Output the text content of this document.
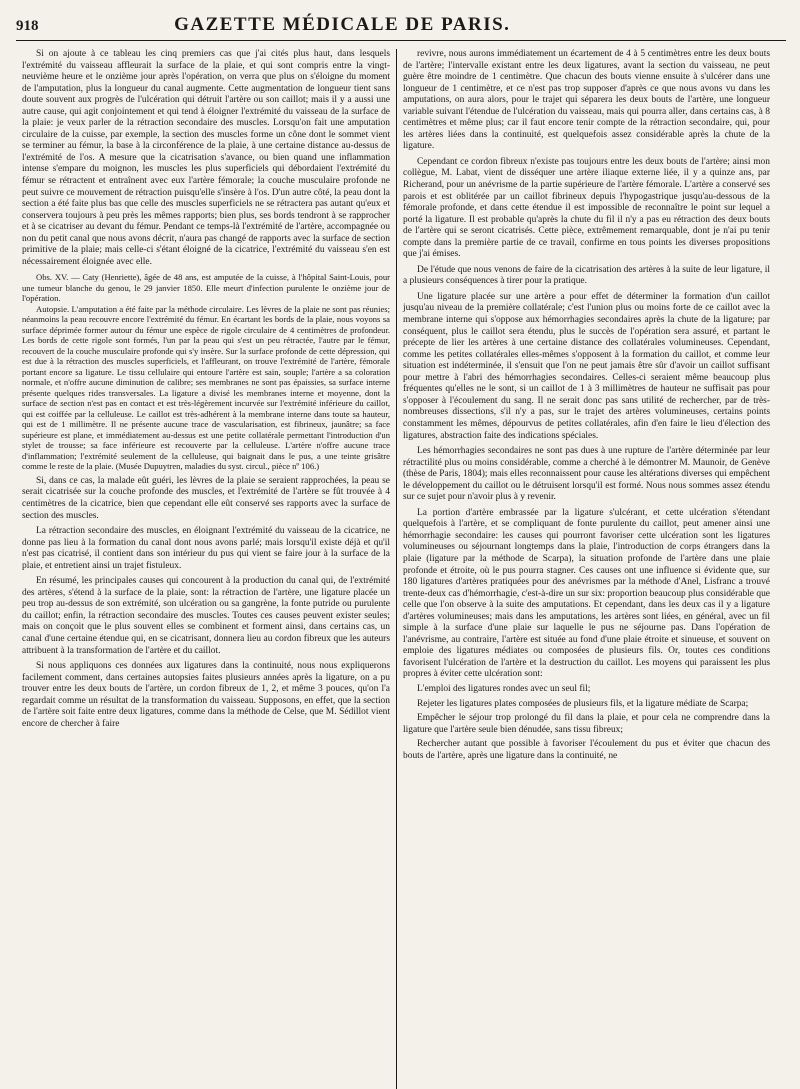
918	GAZETTE MÉDICALE DE PARIS.

Si on ajoute à ce tableau les cinq premiers cas que j'ai cités plus haut, dans lesquels l'extrémité du vaisseau affleurait la surface de la plaie, et qui sont compris entre la vingt-neuvième heure et le onzième jour après l'opération, on verra que plus on s'éloigne du moment de l'amputation, plus la longueur du canal augmente. Cette augmentation de longueur tient sans doute souvent aux progrès de l'ulcération qui détruit l'artère ou son caillot; mais il y a aussi une autre cause, qui agit conjointement et qui tend à éloigner l'extrémité du vaisseau de la surface de la plaie: je veux parler de la rétraction secondaire des muscles. Lorsqu'on fait une amputation circulaire de la cuisse, par exemple, la section des muscles forme un cône dont le sommet vient se terminer au fémur, la base à la circonférence de la plaie, à une certaine distance au-dessus de l'extrémité de l'os. A mesure que la cicatrisation s'avance, ou bien quand une inflammation intense s'empare du moignon, les muscles les plus superficiels qui débordaient l'extrémité du fémur se rétractent et entraînent avec eux l'artère fémorale; la couche musculaire profonde ne peut suivre ce mouvement de rétraction puisqu'elle s'insère à l'os. D'un autre côté, la peau dont la section a été faite plus bas que celle des muscles superficiels ne se rétractera pas autant qu'eux et conservera toujours à peu près les mêmes rapports; bien plus, ses bords tendront à se rapprocher et à se cicatriser au devant du fémur. Pendant ce temps-là l'extrémité de l'artère, accompagnée ou non du petit canal que nous avons décrit, n'aura pas changé de rapports avec la surface de section primitive de la plaie; mais celle-ci s'étant éloigné de la cicatrice, l'extrémité du vaisseau s'en est nécessairement éloignée avec elle.

Obs. XV. — Caty (Henriette), âgée de 48 ans, est amputée de la cuisse, à l'hôpital Saint-Louis, pour une tumeur blanche du genou, le 29 janvier 1850. Elle meurt d'infection purulente le onzième jour de l'opération.

Autopsie. L'amputation a été faite par la méthode circulaire. Les lèvres de la plaie ne sont pas réunies; néanmoins la peau recouvre encore l'extrémité du fémur. En écartant les bords de la plaie, nous voyons sa surface déprimée former autour du fémur une espèce de rigole circulaire de 4 centimètres de profondeur. Les bords de cette rigole sont formés, l'un par la peau qui s'est un peu rétractée, l'autre par le fémur, recouvert de la couche musculaire profonde qui s'y insère. Sur la surface profonde de cette dépression, qui est due à la rétraction des muscles superficiels, et l'affleurant, on trouve l'extrémité de l'artère, fémorale portant encore sa ligature. Le tissu cellulaire qui entoure l'artère est sain, souple; l'artère a sa coloration normale, et n'offre aucune diminution de calibre; ses membranes ne sont pas épaissies, sa surface interne présente quelques rides transversales. La ligature a divisé les membranes interne et moyenne, dont la surface de section n'est pas en contact et est très-légèrement incurvée sur l'extrémité inférieure du caillot, qui est coiffée par la celluleuse. Le caillot est très-adhérent à la membrane interne dans toute sa hauteur, qui est de 1 millimètre. Il ne présente aucune trace de vascularisation, est fibrineux, jaunâtre; sa face supérieure est plane, et immédiatement au-dessus est une petite collatérale permettant l'introduction d'un stylet de trousse; sa face inférieure est recouverte par la celluleuse. L'artère n'offre aucune trace d'inflammation; l'extrémité seulement de la celluleuse, qui baignait dans le pus, a une teinte grisâtre comme le reste de la plaie. (Musée Dupuytren, maladies du syst. circul., pièce nº 106.)

Si, dans ce cas, la malade eût guéri, les lèvres de la plaie se seraient rapprochées, la peau se serait cicatrisée sur la couche profonde des muscles, et l'extrémité de l'artère se fût trouvée à 4 centimètres de la cicatrice, bien que cependant elle eût conservé ses rapports avec la surface de section des muscles.

La rétraction secondaire des muscles, en éloignant l'extrémité du vaisseau de la cicatrice, ne donne pas lieu à la formation du canal dont nous avons parlé; mais lorsqu'il existe déjà et qu'il n'est pas cicatrisé, il contient dans son intérieur du pus qui vient se faire jour à la surface de la plaie, et entretient ainsi un trajet fistuleux.

En résumé, les principales causes qui concourent à la production du canal qui, de l'extrémité des artères, s'étend à la surface de la plaie, sont: la rétraction de l'artère, une ligature placée un peu trop au-dessus de son extrémité, son ulcération ou sa gangrène, la fonte putride ou purulente du caillot; enfin, la rétraction secondaire des muscles. Toutes ces causes peuvent exister seules; mais on conçoit que le plus souvent elles se combinent et forment ainsi, dans certains cas, un canal d'une certaine étendue qui, en se cicatrisant, donnera lieu au cordon fibreux que les auteurs attribuent à la transformation de l'artère et du caillot.

Si nous appliquons ces données aux ligatures dans la continuité, nous nous expliquerons facilement comment, dans certaines autopsies faites plusieurs années après la ligature, on a pu trouver entre les deux bouts de l'artère, un cordon fibreux de 1, 2, et même 3 pouces, qu'on l'a regardait comme un résultat de la transformation du vaisseau. Supposons, en effet, que la section de l'artère soit faite entre deux ligatures, comme dans la méthode de Celse, que M. Sédillot vient encore de chercher à faire

revivre, nous aurons immédiatement un écartement de 4 à 5 centimètres entre les deux bouts de l'artère; l'intervalle existant entre les deux ligatures, avant la section du vaisseau, ne peut guère être moindre de 1 centimètre. Que chacun des bouts vienne ensuite à s'ulcérer dans une longueur de 1 centimètre, et ce n'est pas trop supposer d'après ce que nous avons vu dans les amputations, on aura alors, pour le trajet qui séparera les deux bouts de l'artère, une longueur variable suivant l'étendue de l'ulcération du vaisseau, mais qui pourra aller, dans certains cas, à 8 centimètres et même plus; car il faut encore tenir compte de la rétraction secondaire, qui, pour les artères liées dans la continuité, est quelquefois assez considérable après la chute de la ligature.

Cependant ce cordon fibreux n'existe pas toujours entre les deux bouts de l'artère; ainsi mon collègue, M. Labat, vient de disséquer une artère iliaque externe liée, il y a quinze ans, par Richerand, pour un anévrisme de la partie supérieure de l'artère fémorale. L'artère a conservé ses parois et est oblitérée par un caillot fibrineux depuis l'hypogastrique jusqu'au-dessous de la fémorale profonde, et dans cette étendue il est impossible de reconnaître le point sur lequel a porté la ligature. Il est probable qu'après la chute du fil il n'y a pas eu rétraction des deux bouts de l'artère qui se seront cicatrisés. Cette pièce, extrêmement remarquable, dont je n'ai pu tenir compte dans la première partie de ce travail, confirme en tous points les diverses propositions que j'ai émises.

De l'étude que nous venons de faire de la cicatrisation des artères à la suite de leur ligature, il a plusieurs conséquences à tirer pour la pratique.

Une ligature placée sur une artère a pour effet de déterminer la formation d'un caillot jusqu'au niveau de la première collatérale; c'est l'union plus ou moins forte de ce caillot avec la membrane interne qui s'oppose aux hémorrhagies secondaires après la chute de la ligature; par conséquent, plus le caillot sera étendu, plus le succès de l'opération sera assuré, et partant le précepte de lier les artères à une certaine distance des collatérales volumineuses. Cependant, comme les petites collatérales elles-mêmes s'opposent à la formation du caillot, et comme leur situation est indéterminée, il s'ensuit que l'on ne peut jamais être sûr d'avoir un caillot suffisant pour mettre à l'abri des hémorrhagies secondaires. Celles-ci seraient même beaucoup plus fréquentes qu'elles ne le sont, si un caillot de 1 à 3 millimètres de hauteur ne suffisait pas pour s'opposer à l'écoulement du sang. Il ne serait donc pas sans utilité de rechercher, par de très-nombreuses dissections, s'il n'y a pas, sur le trajet des artères volumineuses, certains points constamment les mêmes, dépourvus de petites collatérales, afin d'en faire le lieu d'élection des ligatures, abstraction faite des indications spéciales.

Les hémorrhagies secondaires ne sont pas dues à une rupture de l'artère déterminée par leur rétractilité plus ou moins considérable, comme a cherché à le démontrer M. Maunoir, de Genève (thèse de Paris, 1804); mais elles reconnaissent pour cause les altérations diverses qui empêchent le développement du caillot ou le détruisent lorsqu'il est formé. Nous nous sommes assez étendu sur ce sujet pour n'avoir plus à y revenir.

La portion d'artère embrassée par la ligature s'ulcérant, et cette ulcération s'étendant quelquefois à l'artère, et se compliquant de fonte purulente du caillot, peut amener ainsi une hémorrhagie secondaire: les causes qui pourront favoriser cette ulcération sont les ligatures volumineuses ou séjournant longtemps dans la plaie, l'introduction de corps étrangers dans la plaie (ligature par la méthode de Scarpa), la situation profonde de l'artère dans une plaie profonde et étroite, où le pus pourra stagner. Ces causes ont une influence si évidente que, sur 180 ligatures d'artères pratiquées pour des anévrismes par la méthode d'Anel, Lisfranc a trouvé trente-deux cas d'hémorrhagie, c'est-à-dire un sur six: proportion beaucoup plus considérable que celle que l'on observe à la suite des amputations. Et cependant, dans les deux cas il y a ligature d'artères volumineuses; mais dans les amputations, les artères sont liées, en général, avec un fil simple à la surface d'une plaie sur laquelle le pus ne séjourne pas. Dans l'opération de l'anévrisme, au contraire, l'artère est située au fond d'une plaie étroite et sinueuse, et souvent on emploie des ligatures médiates ou composées de plusieurs fils. Or, toutes ces conditions favorisent l'ulcération de l'artère et la destruction du caillot. Les moyens qui paraissent les plus propres à éviter cette ulcération sont:

L'emploi des ligatures rondes avec un seul fil;

Rejeter les ligatures plates composées de plusieurs fils, et la ligature médiate de Scarpa;

Empêcher le séjour trop prolongé du fil dans la plaie, et pour cela ne comprendre dans la ligature que l'artère seule bien dénudée, sans tissu fibreux;

Rechercher autant que possible à favoriser l'écoulement du pus et éviter que chacun des bouts de l'artère, après une ligature dans la continuité, ne
